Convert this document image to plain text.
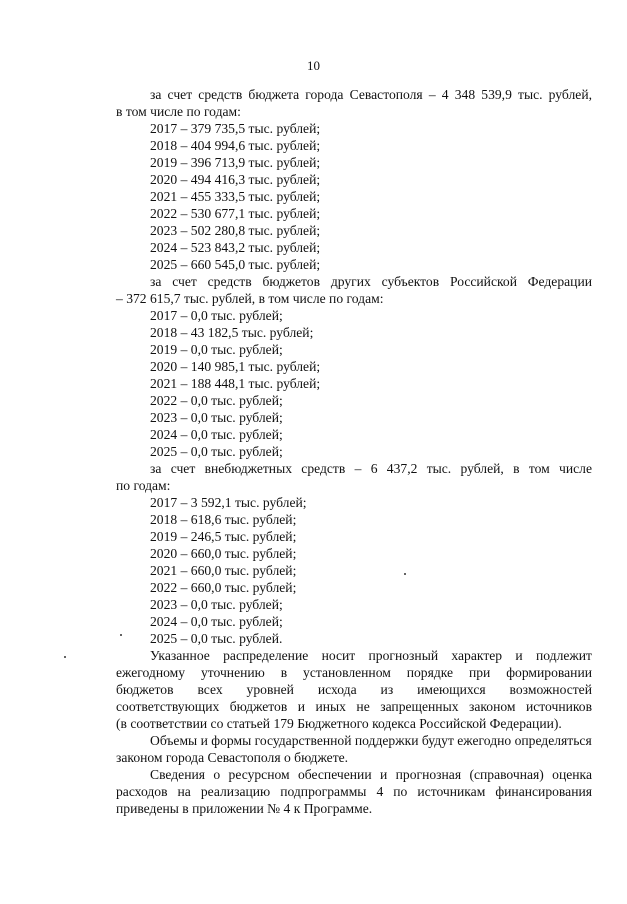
10
за счет средств бюджета города Севастополя – 4 348 539,9 тыс. рублей,
в том числе по годам:
2017 – 379 735,5 тыс. рублей;
2018 – 404 994,6 тыс. рублей;
2019 – 396 713,9 тыс. рублей;
2020 – 494 416,3 тыс. рублей;
2021 – 455 333,5 тыс. рублей;
2022 – 530 677,1 тыс. рублей;
2023 – 502 280,8 тыс. рублей;
2024 – 523 843,2 тыс. рублей;
2025 – 660 545,0 тыс. рублей;
за счет средств бюджетов других субъектов Российской Федерации
– 372 615,7 тыс. рублей, в том числе по годам:
2017 – 0,0 тыс. рублей;
2018 – 43 182,5 тыс. рублей;
2019 – 0,0 тыс. рублей;
2020 – 140 985,1 тыс. рублей;
2021 – 188 448,1 тыс. рублей;
2022 – 0,0 тыс. рублей;
2023 – 0,0 тыс. рублей;
2024 – 0,0 тыс. рублей;
2025 – 0,0 тыс. рублей;
за счет внебюджетных средств – 6 437,2 тыс. рублей, в том числе
по годам:
2017 – 3 592,1 тыс. рублей;
2018 – 618,6 тыс. рублей;
2019 – 246,5 тыс. рублей;
2020 – 660,0 тыс. рублей;
2021 – 660,0 тыс. рублей;
2022 – 660,0 тыс. рублей;
2023 – 0,0 тыс. рублей;
2024 – 0,0 тыс. рублей;
2025 – 0,0 тыс. рублей.
Указанное распределение носит прогнозный характер и подлежит
ежегодному уточнению в установленном порядке при формировании
бюджетов всех уровней исхода из имеющихся возможностей
соответствующих бюджетов и иных не запрещенных законом источников
(в соответствии со статьей 179 Бюджетного кодекса Российской Федерации).
Объемы и формы государственной поддержки будут ежегодно определяться
законом города Севастополя о бюджете.
Сведения о ресурсном обеспечении и прогнозная (справочная) оценка
расходов на реализацию подпрограммы 4 по источникам финансирования
приведены в приложении № 4 к Программе.
